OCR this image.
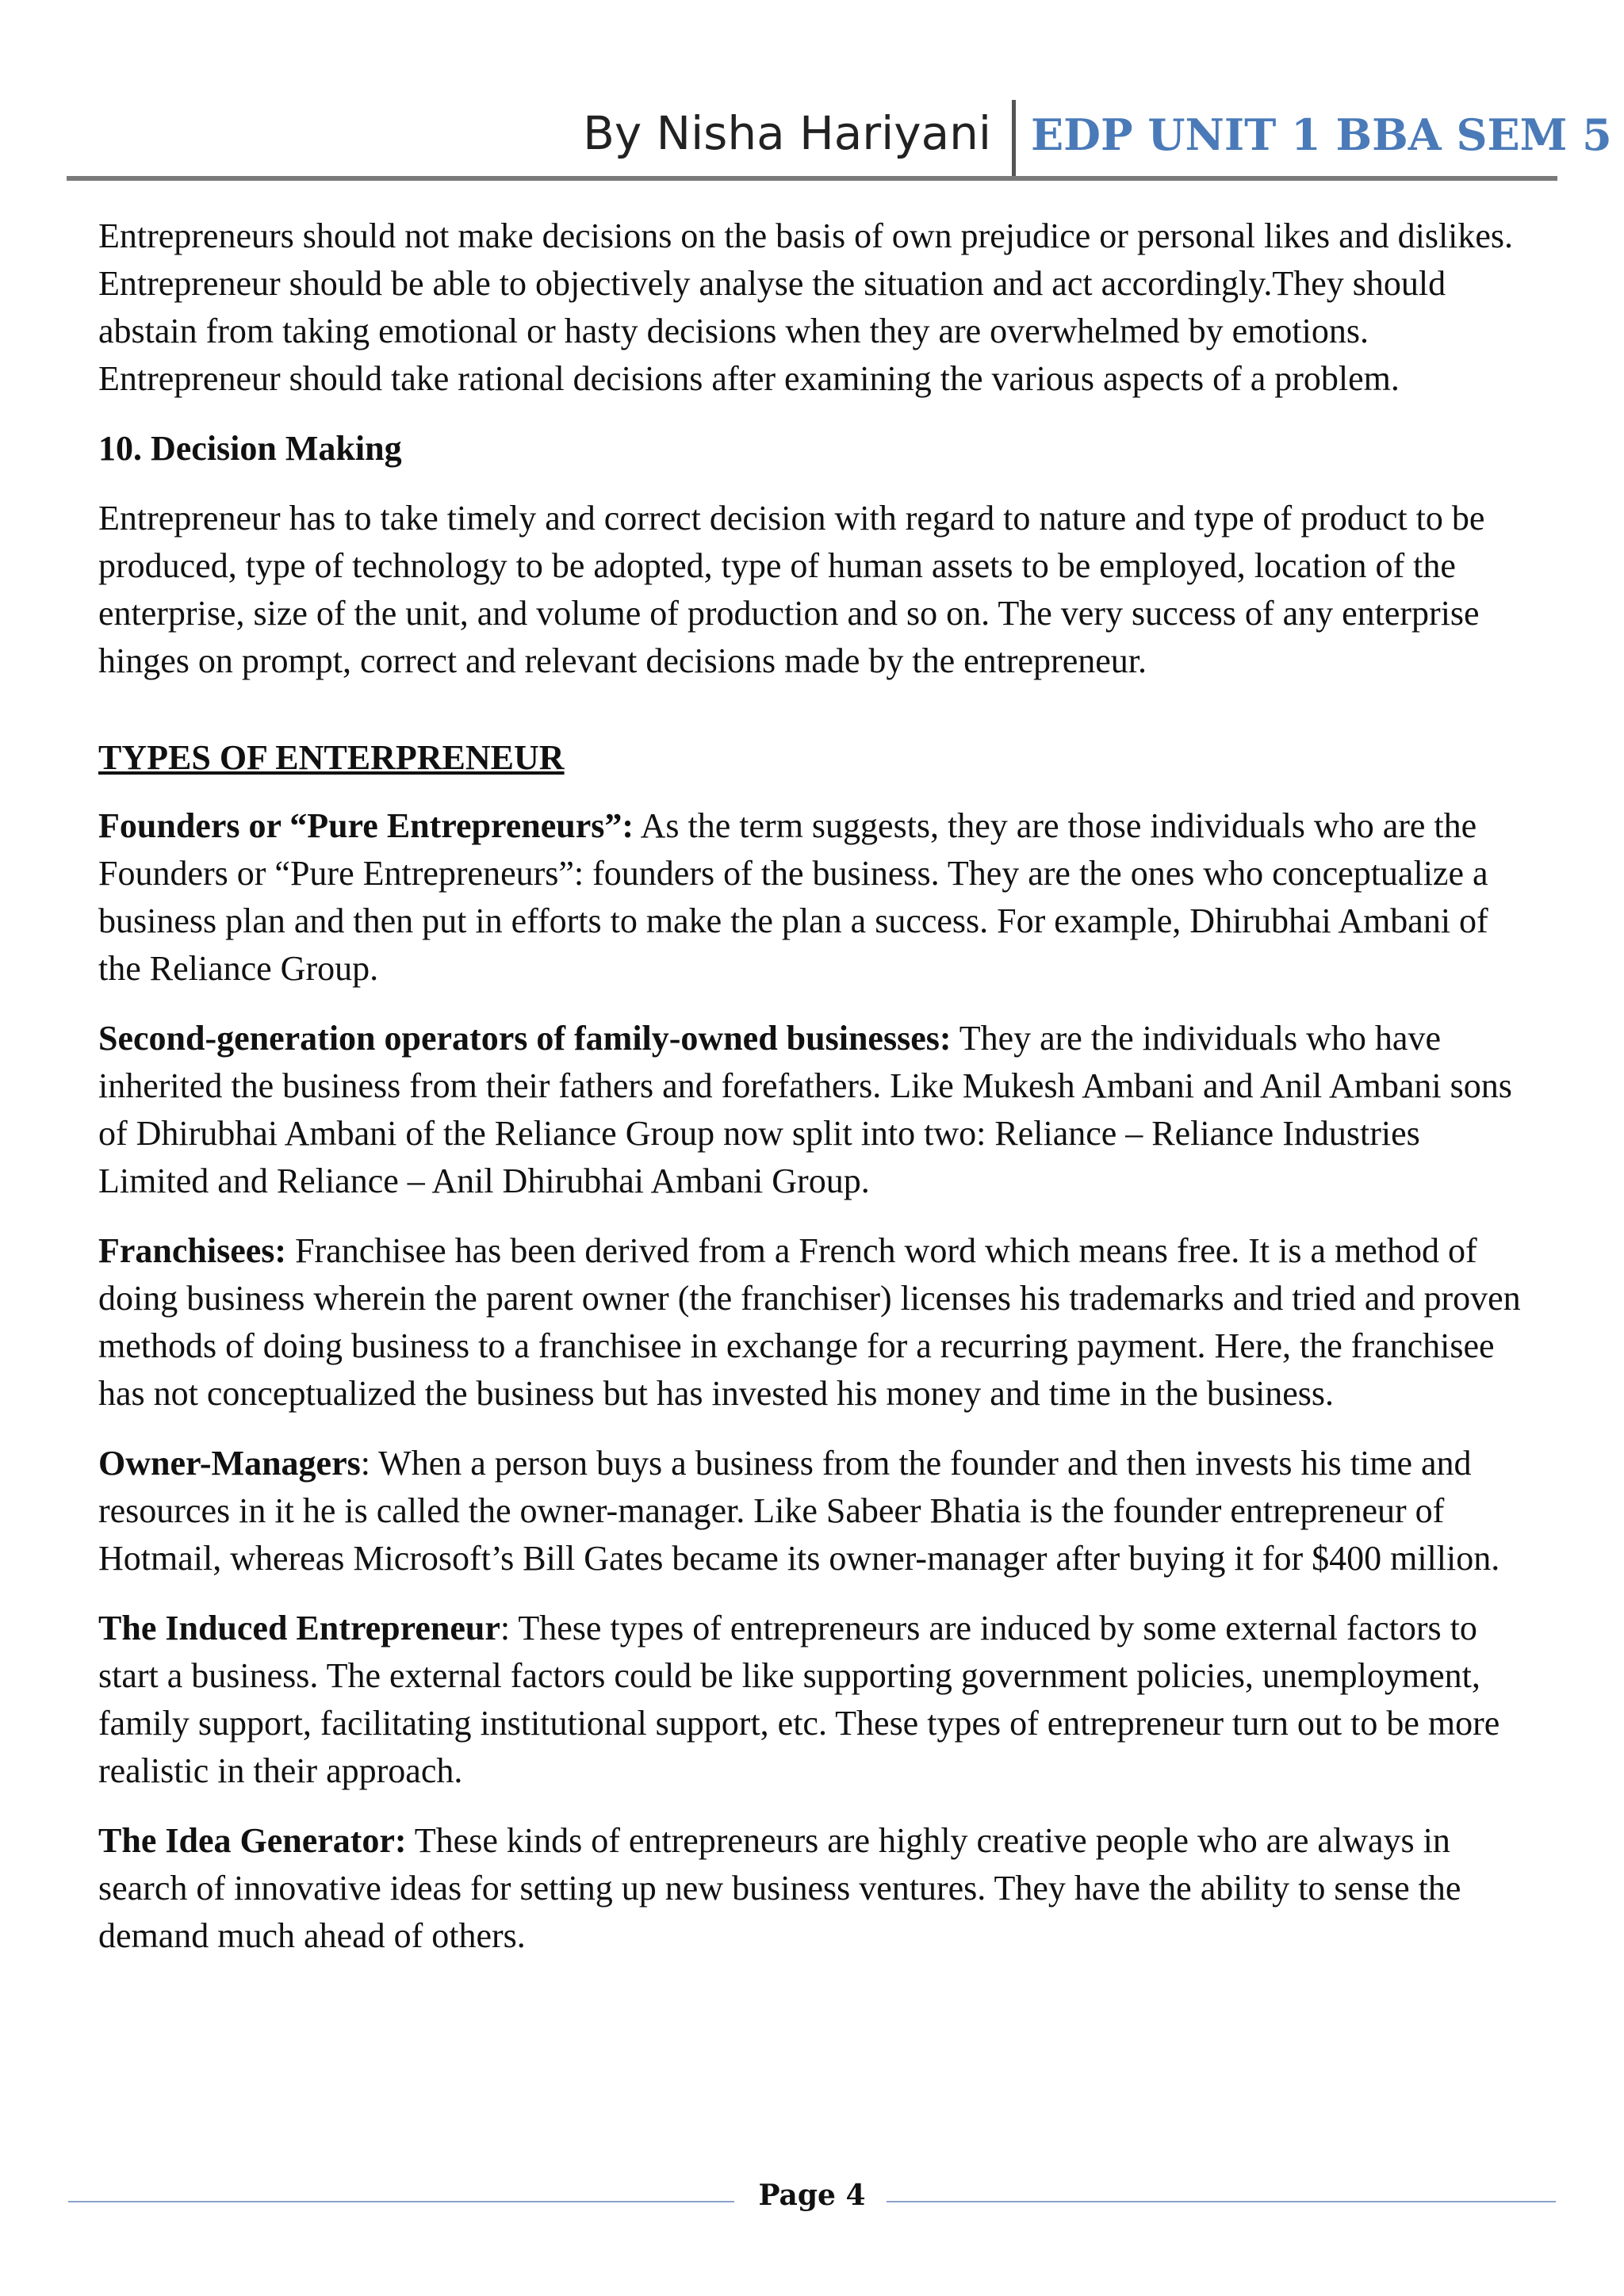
By Nisha Hariyani EDP UNIT 1 BBA SEM 5

Entrepreneurs should not make decisions on the basis of own prejudice or personal likes and dislikes. Entrepreneur should be able to objectively analyse the situation and act accordingly.They should abstain from taking emotional or hasty decisions when they are overwhelmed by emotions. Entrepreneur should take rational decisions after examining the various aspects of a problem.

10. Decision Making

Entrepreneur has to take timely and correct decision with regard to nature and type of product to be produced, type of technology to be adopted, type of human assets to be employed, location of the enterprise, size of the unit, and volume of production and so on. The very success of any enterprise hinges on prompt, correct and relevant decisions made by the entrepreneur.

TYPES OF ENTERPRENEUR

Founders or “Pure Entrepreneurs”: As the term suggests, they are those individuals who are the Founders or “Pure Entrepreneurs”: founders of the business. They are the ones who conceptualize a business plan and then put in efforts to make the plan a success. For example, Dhirubhai Ambani of the Reliance Group.

Second-generation operators of family-owned businesses: They are the individuals who have inherited the business from their fathers and forefathers. Like Mukesh Ambani and Anil Ambani sons of Dhirubhai Ambani of the Reliance Group now split into two: Reliance – Reliance Industries Limited and Reliance – Anil Dhirubhai Ambani Group.

Franchisees: Franchisee has been derived from a French word which means free. It is a method of doing business wherein the parent owner (the franchiser) licenses his trademarks and tried and proven methods of doing business to a franchisee in exchange for a recurring payment. Here, the franchisee has not conceptualized the business but has invested his money and time in the business.

Owner-Managers: When a person buys a business from the founder and then invests his time and resources in it he is called the owner-manager. Like Sabeer Bhatia is the founder entrepreneur of Hotmail, whereas Microsoft’s Bill Gates became its owner-manager after buying it for $400 million.

The Induced Entrepreneur: These types of entrepreneurs are induced by some external factors to start a business. The external factors could be like supporting government policies, unemployment, family support, facilitating institutional support, etc. These types of entrepreneur turn out to be more realistic in their approach.

The Idea Generator: These kinds of entrepreneurs are highly creative people who are always in search of innovative ideas for setting up new business ventures. They have the ability to sense the demand much ahead of others.

Page 4
